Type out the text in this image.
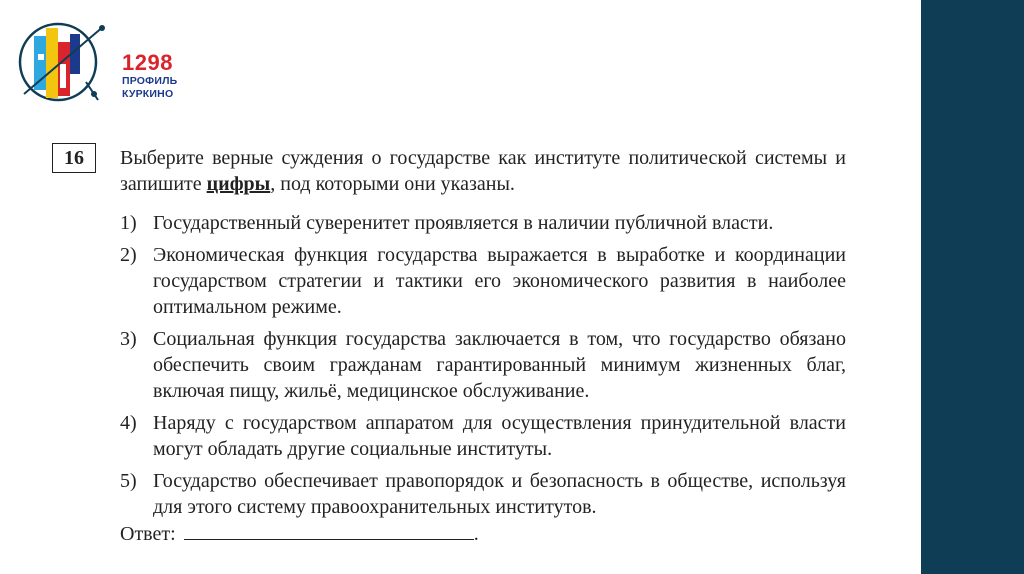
1298
ПРОФИЛЬ
КУРКИНО
16	Выберите верные суждения о государстве как институте политической системы и запишите цифры, под которыми они указаны.
1) Государственный суверенитет проявляется в наличии публичной власти.
2) Экономическая функция государства выражается в выработке и координации государством стратегии и тактики его экономического развития в наиболее оптимальном режиме.
3) Социальная функция государства заключается в том, что государство обязано обеспечить своим гражданам гарантированный минимум жизненных благ, включая пищу, жильё, медицинское обслуживание.
4) Наряду с государством аппаратом для осуществления принудительной власти могут обладать другие социальные институты.
5) Государство обеспечивает правопорядок и безопасность в обществе, используя для этого систему правоохранительных институтов.
Ответ:	.
